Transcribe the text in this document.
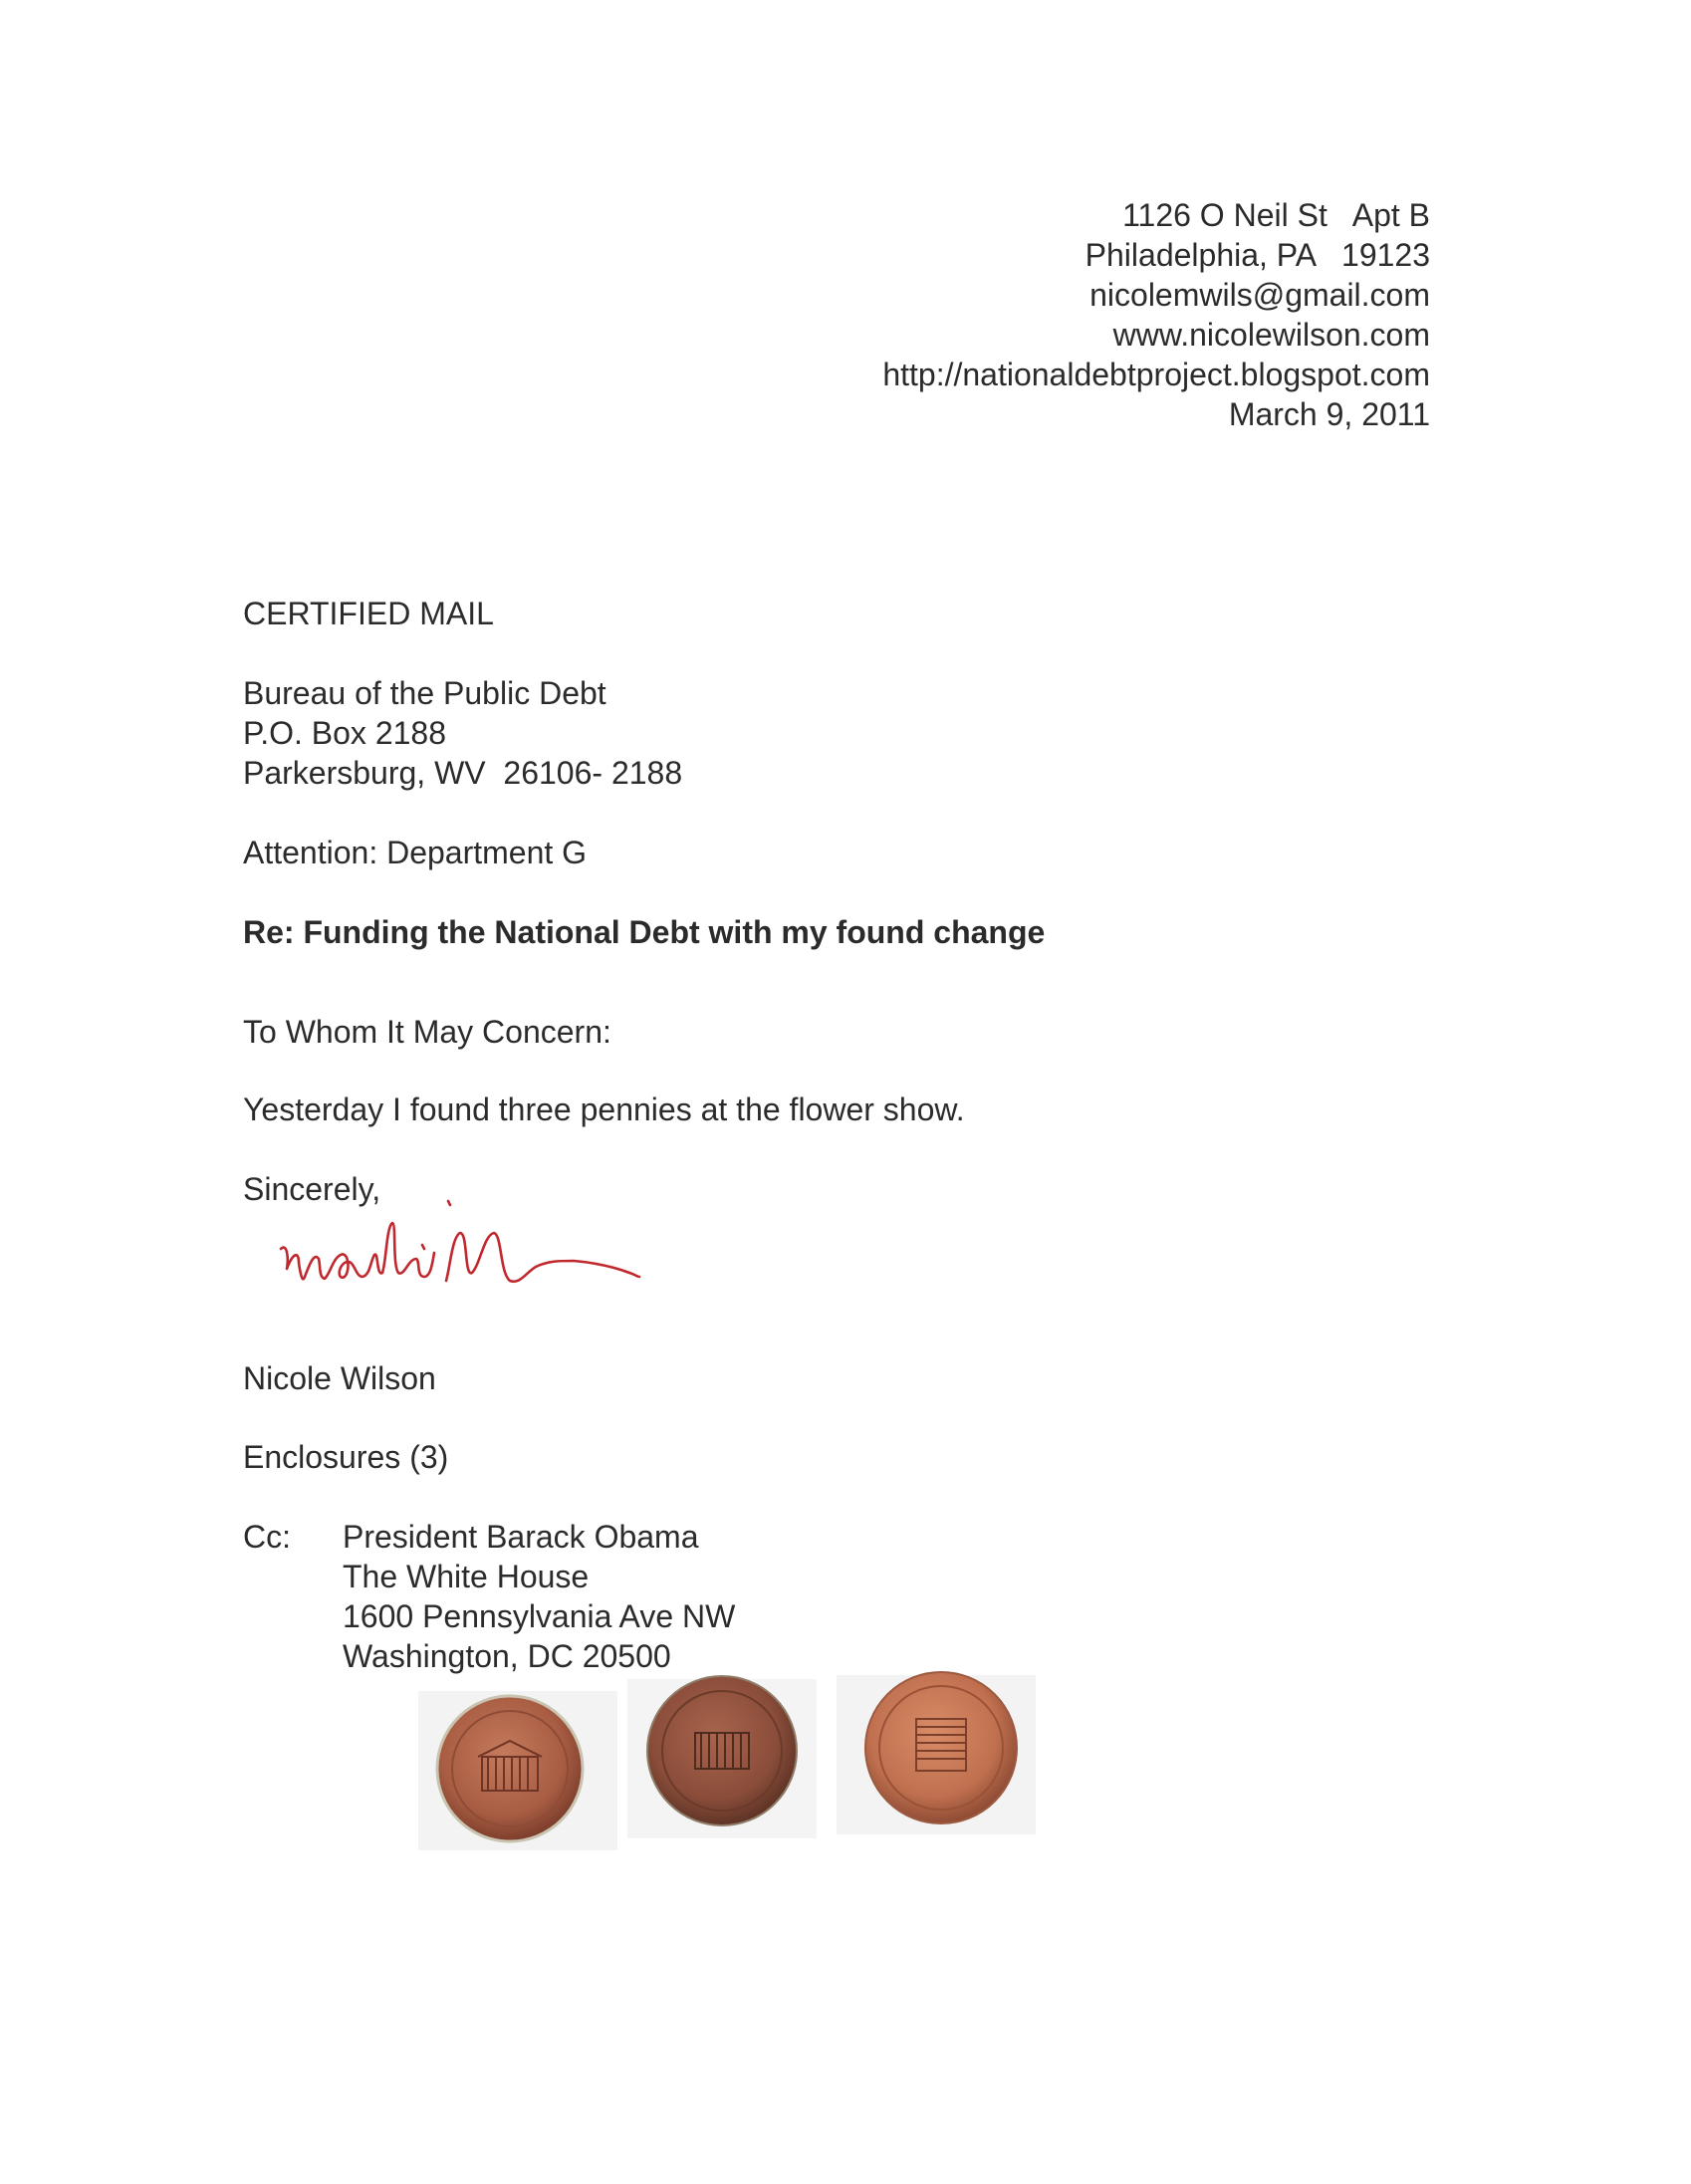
1126 O Neil St   Apt B
Philadelphia, PA   19123
nicolemwils@gmail.com
www.nicolewilson.com
http://nationaldebtproject.blogspot.com
March 9, 2011
CERTIFIED MAIL
Bureau of the Public Debt
P.O. Box 2188
Parkersburg, WV  26106- 2188
Attention: Department G
Re: Funding the National Debt with my found change
To Whom It May Concern:
Yesterday I found three pennies at the flower show.
Sincerely,
Nicole Wilson
Enclosures (3)
Cc: President Barack Obama
The White House
1600 Pennsylvania Ave NW
Washington, DC 20500
